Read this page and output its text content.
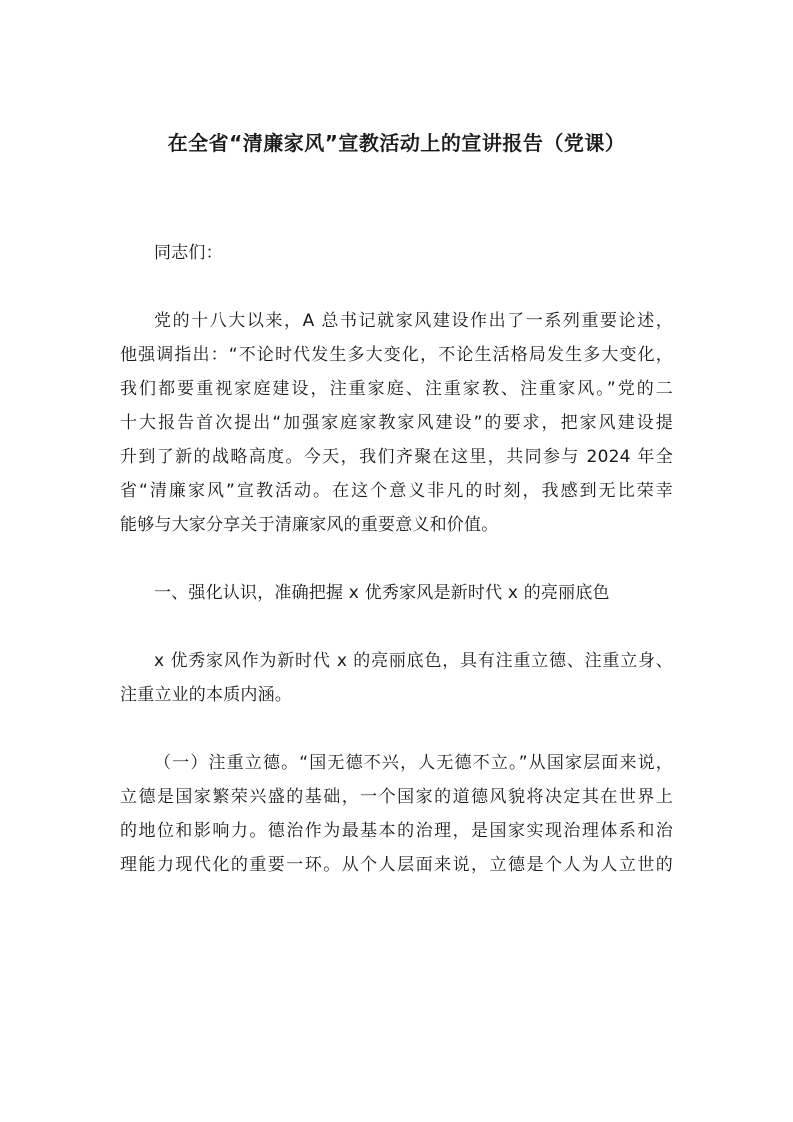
在全省“清廉家风”宣教活动上的宣讲报告（党课）

同志们：

党的十八大以来，A 总书记就家风建设作出了一系列重要论述，
他强调指出：“不论时代发生多大变化，不论生活格局发生多大变化，
我们都要重视家庭建设，注重家庭、注重家教、注重家风。”党的二
十大报告首次提出“加强家庭家教家风建设”的要求，把家风建设提
升到了新的战略高度。今天，我们齐聚在这里，共同参与 2024 年全
省“清廉家风”宣教活动。在这个意义非凡的时刻，我感到无比荣幸
能够与大家分享关于清廉家风的重要意义和价值。
一、强化认识，准确把握 x 优秀家风是新时代 x 的亮丽底色
x 优秀家风作为新时代 x 的亮丽底色，具有注重立德、注重立身、
注重立业的本质内涵。
（一）注重立德。“国无德不兴，人无德不立。”从国家层面来说，
立德是国家繁荣兴盛的基础，一个国家的道德风貌将决定其在世界上
的地位和影响力。德治作为最基本的治理，是国家实现治理体系和治
理能力现代化的重要一环。从个人层面来说，立德是个人为人立世的
